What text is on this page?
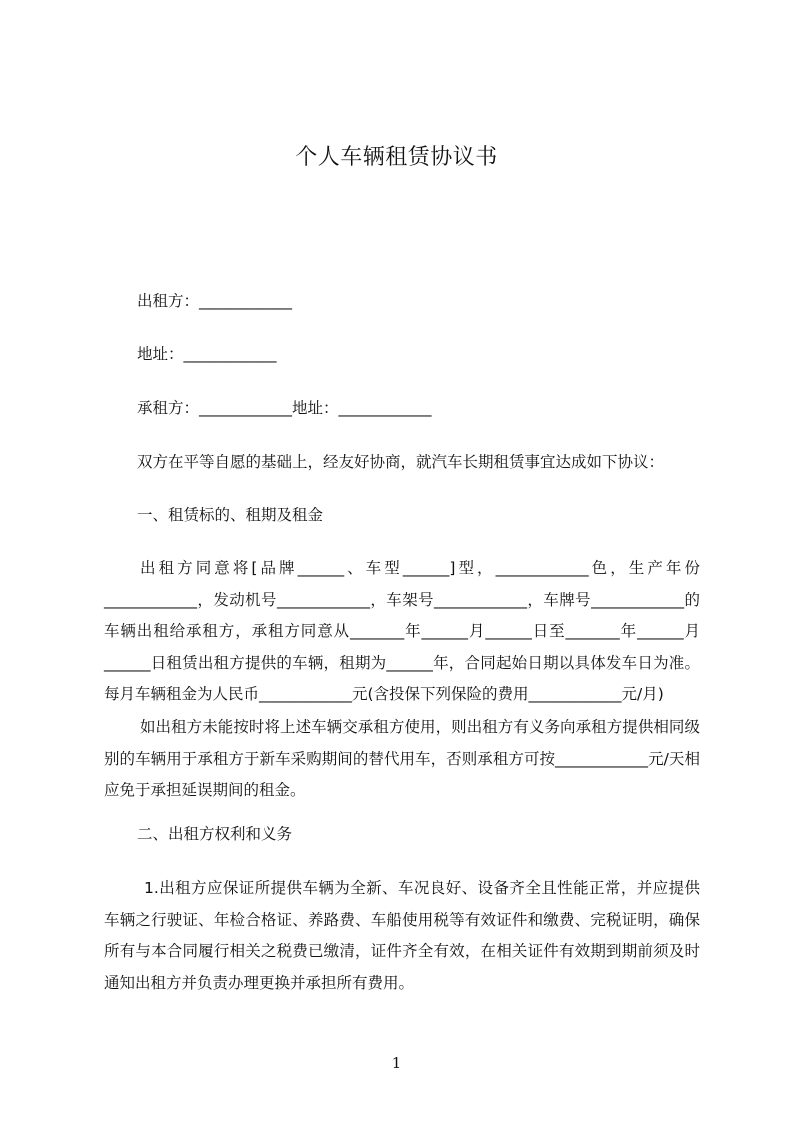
个人车辆租赁协议书
出租方：____________
地址：____________
承租方：____________地址：____________
双方在平等自愿的基础上，经友好协商，就汽车长期租赁事宜达成如下协议：
一、租赁标的、租期及租金

出租方同意将[品牌______、车型______]型，____________色，生产年份____________，发动机号____________，车架号____________，车牌号____________的车辆出租给承租方，承租方同意从_______年______月______日至_______年______月______日租赁出租方提供的车辆，租期为______年，合同起始日期以具体发车日为准。每月车辆租金为人民币____________元(含投保下列保险的费用____________元/月)

如出租方未能按时将上述车辆交承租方使用，则出租方有义务向承租方提供相同级别的车辆用于承租方于新车采购期间的替代用车，否则承租方可按____________元/天相应免于承担延误期间的租金。

二、出租方权利和义务

1.出租方应保证所提供车辆为全新、车况良好、设备齐全且性能正常，并应提供车辆之行驶证、年检合格证、养路费、车船使用税等有效证件和缴费、完税证明，确保所有与本合同履行相关之税费已缴清，证件齐全有效，在相关证件有效期到期前须及时通知出租方并负责办理更换并承担所有费用。

1
